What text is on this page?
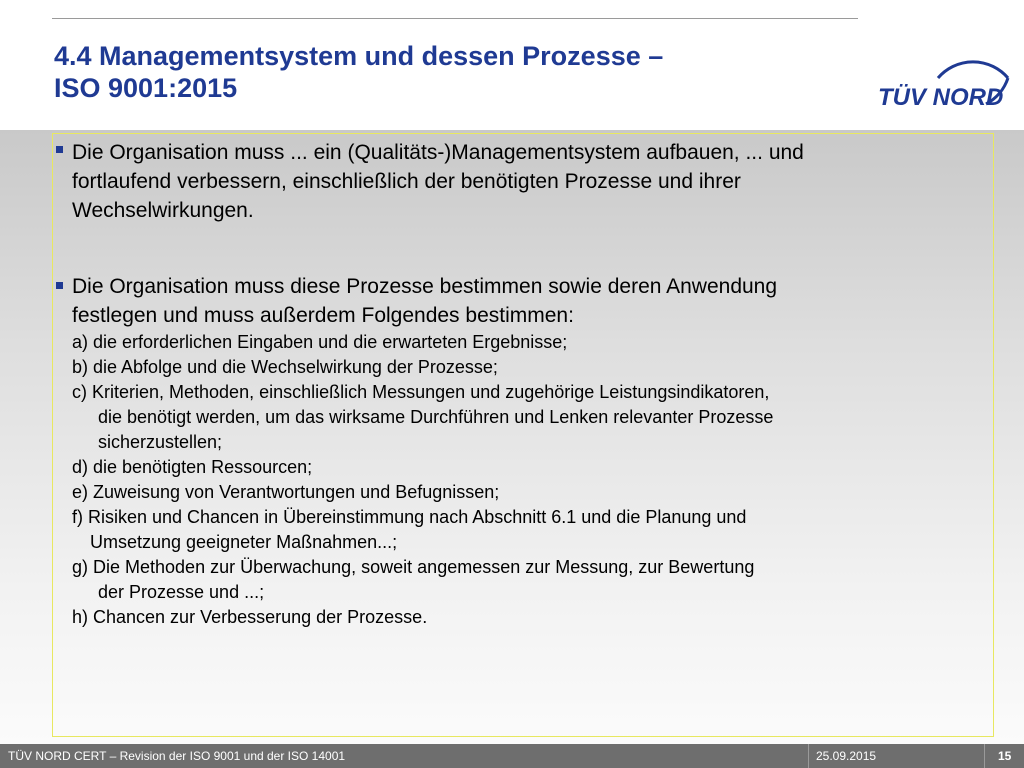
4.4 Managementsystem und dessen Prozesse –
ISO 9001:2015	TÜV NORD
Die Organisation muss ... ein (Qualitäts-)Managementsystem aufbauen, ... und
fortlaufend verbessern, einschließlich der benötigten Prozesse und ihrer
Wechselwirkungen.
Die Organisation muss diese Prozesse bestimmen sowie deren Anwendung
festlegen und muss außerdem Folgendes bestimmen:
a) die erforderlichen Eingaben und die erwarteten Ergebnisse;
b) die Abfolge und die Wechselwirkung der Prozesse;
c) Kriterien, Methoden, einschließlich Messungen und zugehörige Leistungsindikatoren,
die benötigt werden, um das wirksame Durchführen und Lenken relevanter Prozesse
sicherzustellen;
d) die benötigten Ressourcen;
e) Zuweisung von Verantwortungen und Befugnissen;
f) Risiken und Chancen in Übereinstimmung nach Abschnitt 6.1 und die Planung und
Umsetzung geeigneter Maßnahmen...;
g) Die Methoden zur Überwachung, soweit angemessen zur Messung, zur Bewertung
der Prozesse und ...;
h) Chancen zur Verbesserung der Prozesse.
TÜV NORD CERT – Revision der ISO 9001 und der ISO 14001	25.09.2015	15
